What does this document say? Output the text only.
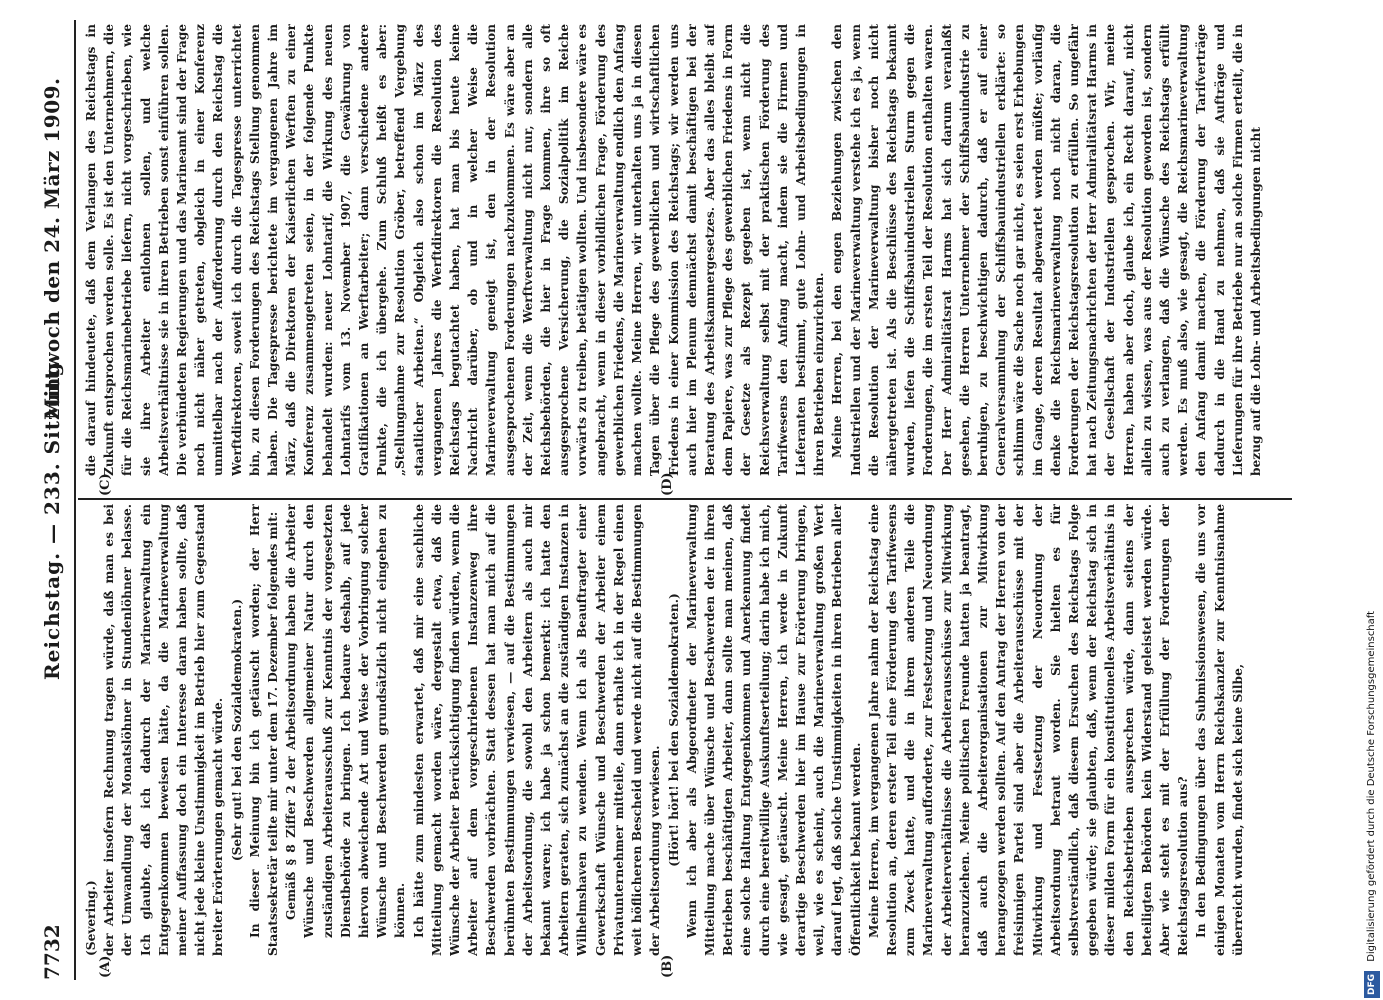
7732
Reichstag. — 233. Sitzung.
Mittwoch den 24. März 1909.
(A)	(B)
(C)	(D)

(Severing.) der Arbeiter insofern Rechnung tragen würde, daß man es bei der Umwandlung der Monatslöhner in Stundenlöhner belasse. Ich glaubte, daß ich dadurch der Marineverwaltung ein Entgegenkommen beweisen hätte, da die Marineverwaltung meiner Auffassung doch ein Interesse daran haben sollte, daß nicht jede kleine Unstimmigkeit im Betrieb hier zum Gegenstand breiter Erörterungen gemacht würde. (Sehr gut! bei den Sozialdemokraten.) In dieser Meinung bin ich getäuscht worden; der Herr Staatssekretär teilte mir unter dem 17. Dezember folgendes mit: Gemäß § 8 Ziffer 2 der Arbeitsordnung haben die Arbeiter Wünsche und Beschwerden allgemeiner Natur durch den zuständigen Arbeiterausschuß zur Kenntnis der vorgesetzten Dienstbehörde zu bringen. Ich bedaure deshalb, auf jede hiervon abweichende Art und Weise der Vorbringung solcher Wünsche und Beschwerden grundsätzlich nicht eingehen zu können. Ich hätte zum mindesten erwartet, daß mir eine sachliche Mitteilung gemacht worden wäre, dergestalt etwa, daß die Wünsche der Arbeiter Berücksichtigung finden würden, wenn die Arbeiter auf dem vorgeschriebenen Instanzenweg ihre Beschwerden vorbrächten. Statt dessen hat man mich auf die berühmten Bestimmungen verwiesen, — auf die Bestimmungen der Arbeitsordnung, die sowohl den Arbeitern als auch mir bekannt waren; ich habe ja schon bemerkt: ich hatte den Arbeitern geraten, sich zunächst an die zuständigen Instanzen in Wilhelmshaven zu wenden. Wenn ich als Beauftragter einer Gewerkschaft Wünsche und Beschwerden der Arbeiter einem Privatunternehmer mitteile, dann erhalte ich in der Regel einen weit höflicheren Bescheid und werde nicht auf die Bestimmungen der Arbeitsordnung verwiesen. (Hört! hört! bei den Sozialdemokraten.) Wenn ich aber als Abgeordneter der Marineverwaltung Mitteilung mache über Wünsche und Beschwerden der in ihren Betrieben beschäftigten Arbeiter, dann sollte man meinen, daß eine solche Haltung Entgegenkommen und Anerkennung findet durch eine bereitwillige Auskunftserteilung; darin habe ich mich, wie gesagt, getäuscht. Meine Herren, ich werde in Zukunft derartige Beschwerden hier im Hause zur Erörterung bringen, weil, wie es scheint, auch die Marineverwaltung großen Wert darauf legt, daß solche Unstimmigkeiten in ihren Betrieben aller Öffentlichkeit bekannt werden. Meine Herren, im vergangenen Jahre nahm der Reichstag eine Resolution an, deren erster Teil eine Förderung des Tarifwesens zum Zweck hatte, und die in ihrem anderen Teile die Marineverwaltung aufforderte, zur Festsetzung und Neuordnung der Arbeiterverhältnisse die Arbeiterausschüsse zur Mitwirkung heranzuziehen. Meine politischen Freunde hatten ja beantragt, daß auch die Arbeiterorganisationen zur Mitwirkung herangezogen werden sollten. Auf den Antrag der Herren von der freisinnigen Partei sind aber die Arbeiterausschüsse mit der Mitwirkung und Festsetzung der Neuordnung der Arbeitsordnung betraut worden. Sie hielten es für selbstverständlich, daß diesem Ersuchen des Reichstags Folge gegeben würde; sie glaubten, daß, wenn der Reichstag sich in dieser milden Form für ein konstitutionelles Arbeitsverhältnis in den Reichsbetrieben aussprechen würde, dann seitens der beteiligten Behörden kein Widerstand geleistet werden würde. Aber wie steht es mit der Erfüllung der Forderungen der Reichstagsresolution aus? In den Bedingungen über das Submissionswesen, die uns vor einigen Monaten vom Herrn Reichskanzler zur Kenntnisnahme überreicht wurden, findet sich keine Silbe,

die darauf hindeutete, daß dem Verlangen des Reichstags in Zukunft entsprochen werden solle. Es ist den Unternehmern, die für die Reichsmarinebetriebe liefern, nicht vorgeschrieben, wie sie ihre Arbeiter entlohnen sollen, und welche Arbeitsverhältnisse sie in ihren Betrieben sonst einführen sollen. Die verbündeten Regierungen und das Marineamt sind der Frage noch nicht näher getreten, obgleich in einer Konferenz unmittelbar nach der Aufforderung durch den Reichstag die Werftdirektoren, soweit ich durch die Tagespresse unterrichtet bin, zu diesen Forderungen des Reichstags Stellung genommen haben. Die Tagespresse berichtete im vergangenen Jahre im März, daß die Direktoren der Kaiserlichen Werften zu einer Konferenz zusammengetreten seien, in der folgende Punkte behandelt wurden: neuer Lohntarif, die Wirkung des neuen Lohntarifs vom 13. November 1907, die Gewährung von Gratifikationen an Werftarbeiter; dann verschiedene andere Punkte, die ich übergehe. Zum Schluß heißt es aber: „Stellungnahme zur Resolution Gröber, betreffend Vergebung staatlicher Arbeiten.“ Obgleich also schon im März des vergangenen Jahres die Werftdirektoren die Resolution des Reichstags begutachtet haben, hat man bis heute keine Nachricht darüber, ob und in welcher Weise die Marineverwaltung geneigt ist, den in der Resolution ausgesprochenen Forderungen nachzukommen. Es wäre aber an der Zeit, wenn die Werftverwaltung nicht nur, sondern alle Reichsbehörden, die hier in Frage kommen, ihre so oft ausgesprochene Versicherung, die Sozialpolitik im Reiche vorwärts zu treiben, betätigen wollten. Und insbesondere wäre es angebracht, wenn in dieser vorbildlichen Frage, Förderung des gewerblichen Friedens, die Marineverwaltung endlich den Anfang machen wollte. Meine Herren, wir unterhalten uns ja in diesen Tagen über die Pflege des gewerblichen und wirtschaftlichen Friedens in einer Kommission des Reichstags; wir werden uns auch hier im Plenum demnächst damit beschäftigen bei der Beratung des Arbeitskammergesetzes. Aber das alles bleibt auf dem Papiere, was zur Pflege des gewerblichen Friedens in Form der Gesetze als Rezept gegeben ist, wenn nicht die Reichsverwaltung selbst mit der praktischen Förderung des Tarifwesens den Anfang macht, indem sie die Firmen und Lieferanten bestimmt, gute Lohn- und Arbeitsbedingungen in ihren Betrieben einzurichten. Meine Herren, bei den engen Beziehungen zwischen den Industriellen und der Marineverwaltung verstehe ich es ja, wenn die Resolution der Marineverwaltung bisher noch nicht nähergetreten ist. Als die Beschlüsse des Reichstags bekannt wurden, liefen die Schiffsbauindustriellen Sturm gegen die Forderungen, die im ersten Teil der Resolution enthalten waren. Der Herr Admiralitätsrat Harms hat sich darum veranlaßt gesehen, die Herren Unternehmer der Schiffsbauindustrie zu beruhigen, zu beschwichtigen dadurch, daß er auf einer Generalversammlung der Schiffsbauindustriellen erklärte: so schlimm wäre die Sache noch gar nicht, es seien erst Erhebungen im Gange, deren Resultat abgewartet werden müßte; vorläufig denke die Reichsmarineverwaltung noch nicht daran, die Forderungen der Reichstagsresolution zu erfüllen. So ungefähr hat nach Zeitungsnachrichten der Herr Admiralitätsrat Harms in der Gesellschaft der Industriellen gesprochen. Wir, meine Herren, haben aber doch, glaube ich, ein Recht darauf, nicht allein zu wissen, was aus der Resolution geworden ist, sondern auch zu verlangen, daß die Wünsche des Reichstags erfüllt werden. Es muß also, wie gesagt, die Reichsmarineverwaltung den Anfang damit machen, die Förderung der Tarifverträge dadurch in die Hand zu nehmen, daß sie Aufträge und Lieferungen für ihre Betriebe nur an solche Firmen erteilt, die in bezug auf die Lohn- und Arbeitsbedingungen nicht

DFG Digitalisierung gefördert durch die Deutsche Forschungsgemeinschaft
